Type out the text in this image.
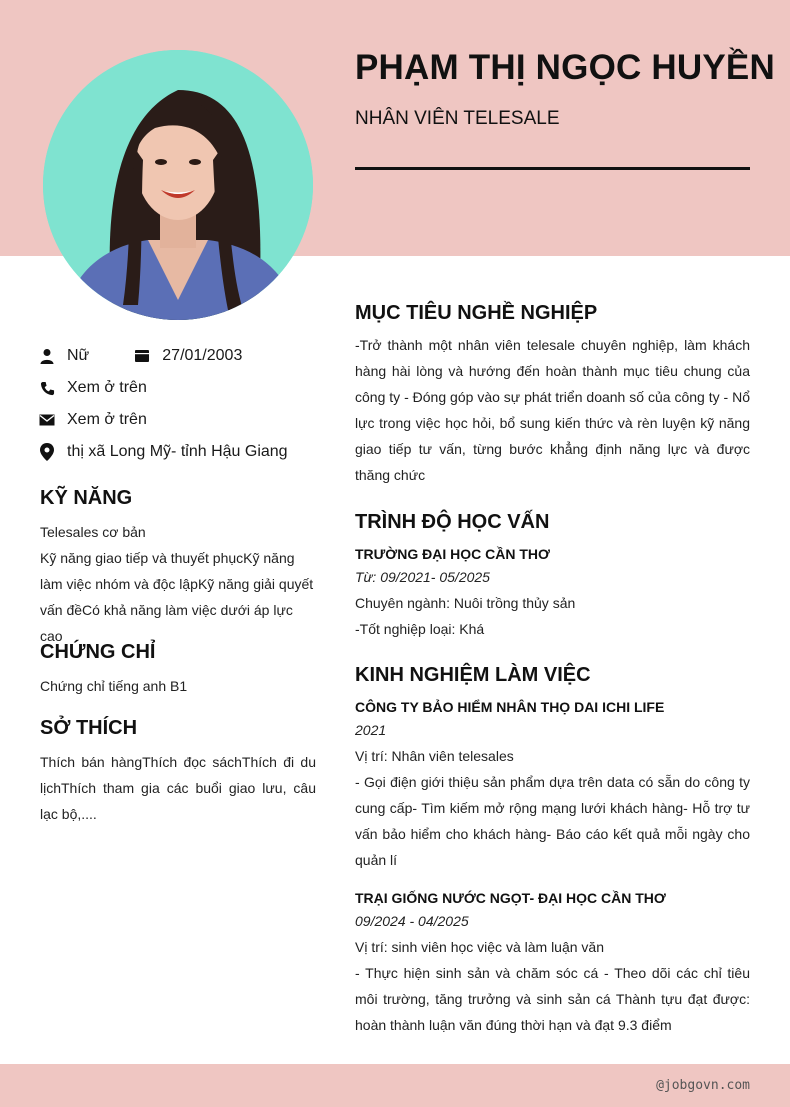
PHẠM THỊ NGỌC HUYỀN
NHÂN VIÊN TELESALE
Nữ	27/01/2003
Xem ở trên
Xem ở trên
thị xã Long Mỹ- tỉnh Hậu Giang
KỸ NĂNG
Telesales cơ bản
Kỹ năng giao tiếp và thuyết phụcKỹ năng làm việc nhóm và độc lậpKỹ năng giải quyết vấn đềCó khả năng làm việc dưới áp lực cao
CHỨNG CHỈ
Chứng chỉ tiếng anh B1
SỞ THÍCH
Thích bán hàngThích đọc sáchThích đi du lịchThích tham gia các buổi giao lưu, câu lạc bộ,....
MỤC TIÊU NGHỀ NGHIỆP
-Trở thành một nhân viên telesale chuyên nghiệp, làm khách hàng hài lòng và hướng đến hoàn thành mục tiêu chung của công ty - Đóng góp vào sự phát triển doanh số của công ty - Nổ lực trong việc học hỏi, bổ sung kiến thức và rèn luyện kỹ năng giao tiếp tư vấn, từng bước khẳng định năng lực và được thăng chức
TRÌNH ĐỘ HỌC VẤN
TRƯỜNG ĐẠI HỌC CẦN THƠ
Từ: 09/2021- 05/2025
Chuyên ngành: Nuôi trồng thủy sản
-Tốt nghiệp loại: Khá
KINH NGHIỆM LÀM VIỆC
CÔNG TY BẢO HIỂM NHÂN THỌ DAI ICHI LIFE
2021
Vị trí: Nhân viên telesales
- Gọi điện giới thiệu sản phẩm dựa trên data có sẵn do công ty cung cấp- Tìm kiếm mở rộng mạng lưới khách hàng- Hỗ trợ tư vấn bảo hiểm cho khách hàng- Báo cáo kết quả mỗi ngày cho quản lí
TRẠI GIỐNG NƯỚC NGỌT- ĐẠI HỌC CẦN THƠ
09/2024 - 04/2025
Vị trí: sinh viên học việc và làm luận văn
- Thực hiện sinh sản và chăm sóc cá - Theo dõi các chỉ tiêu môi trường, tăng trưởng và sinh sản cá Thành tựu đạt được: hoàn thành luận văn đúng thời hạn và đạt 9.3 điểm
@jobgovn.com
